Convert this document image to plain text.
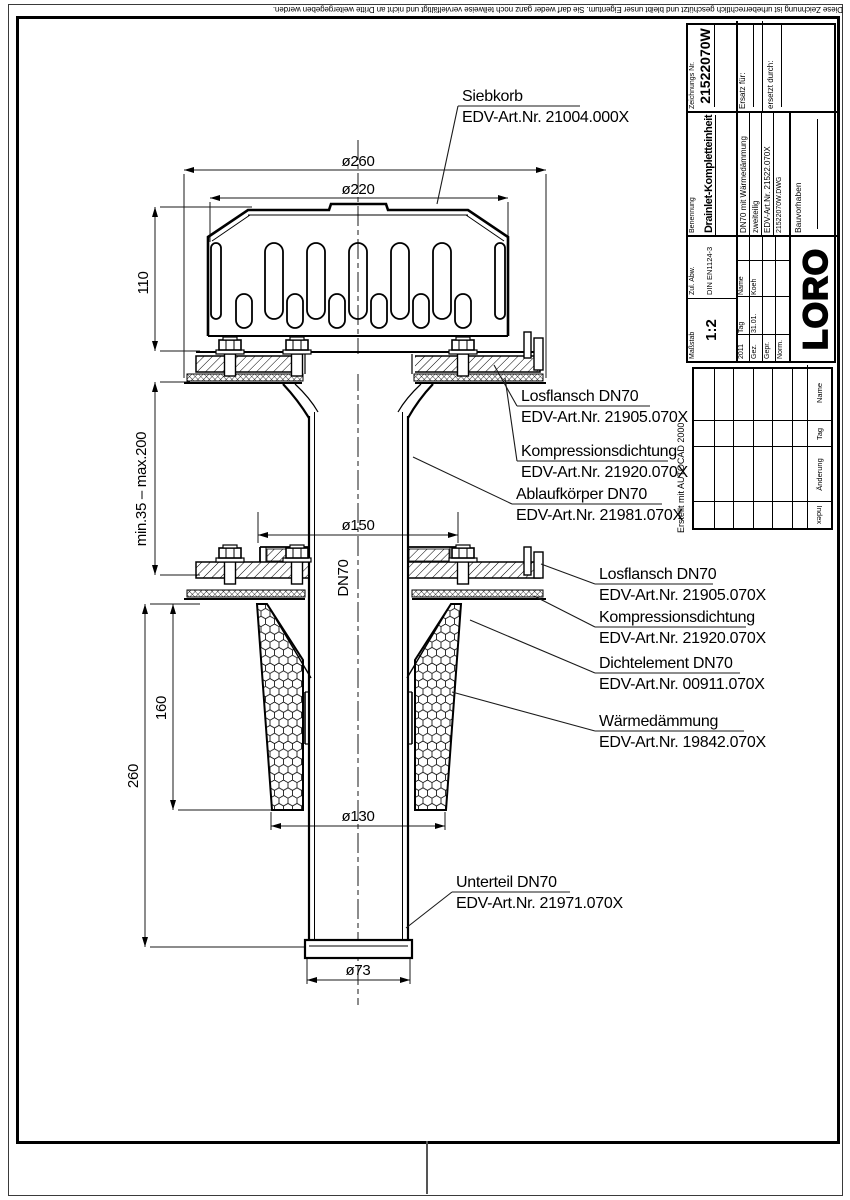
Diese Zeichnung ist urheberrechtlich geschützt und bleibt unser Eigentum. Sie darf weder ganz noch teilweise vervielfältigt und nicht an Dritte weitergegeben werden.
Siebkorb
EDV-Art.Nr. 21004.000X
Losflansch DN70
EDV-Art.Nr. 21905.070X
Kompressionsdichtung
EDV-Art.Nr. 21920.070X
Ablaufkörper DN70
EDV-Art.Nr. 21981.070X
Losflansch DN70
EDV-Art.Nr. 21905.070X
Kompressionsdichtung
EDV-Art.Nr. 21920.070X
Dichtelement DN70
EDV-Art.Nr. 00911.070X
Wärmedämmung
EDV-Art.Nr. 19842.070X
Unterteil DN70
EDV-Art.Nr. 21971.070X
ø260
ø220
110
min.35 – max.200	ø150
DN70
160
260
ø130
ø73
Maßstab
1:2
Zul. Abw. DIN EN1124-3
Benennung Drainlet-Kompletteinheit
Zeichnungs Nr. 21522070W
2011
Tag
Name
Gez.
31.01.
Koeh
Gepr. Norm.
DN70 mit Wärmedämmung zweiteilig EDV-Art.Nr. 21522.070X 21522070W.DWG
Ersatz für: ersetzt durch:
LORO
Bauvorhaben
Index
Änderung
Tag
Name
Erstellt mit AUTOCAD 2000
